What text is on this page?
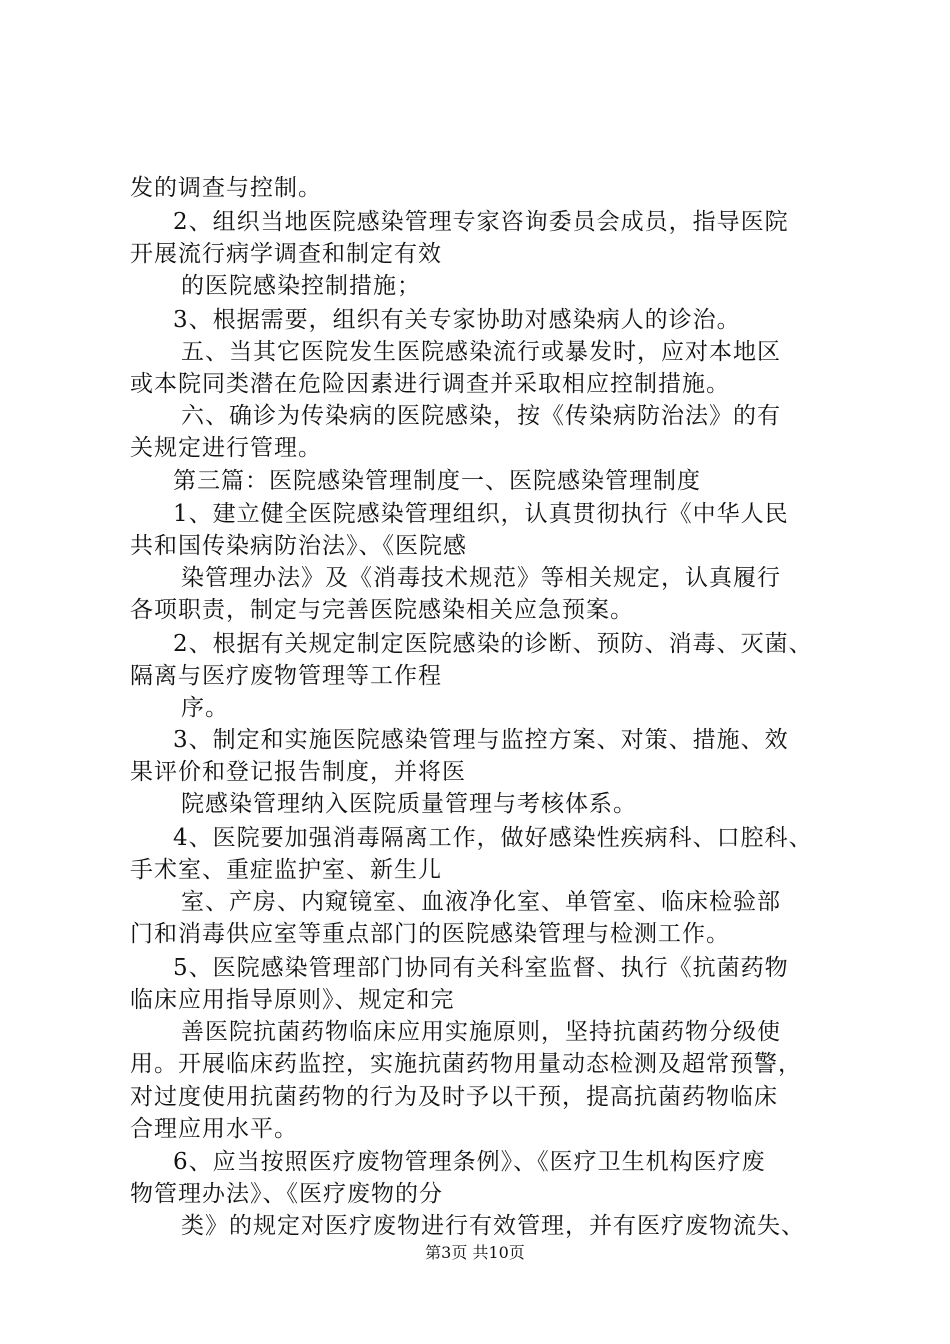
发的调查与控制。
2、组织当地医院感染管理专家咨询委员会成员，指导医院
开展流行病学调查和制定有效
的医院感染控制措施；
3、根据需要，组织有关专家协助对感染病人的诊治。
五、当其它医院发生医院感染流行或暴发时，应对本地区
或本院同类潜在危险因素进行调查并采取相应控制措施。
六、确诊为传染病的医院感染，按《传染病防治法》的有
关规定进行管理。
第三篇：医院感染管理制度一、医院感染管理制度
1、建立健全医院感染管理组织，认真贯彻执行《中华人民
共和国传染病防治法》、《医院感
染管理办法》及《消毒技术规范》等相关规定，认真履行
各项职责，制定与完善医院感染相关应急预案。
2、根据有关规定制定医院感染的诊断、预防、消毒、灭菌、
隔离与医疗废物管理等工作程
序。
3、制定和实施医院感染管理与监控方案、对策、措施、效
果评价和登记报告制度，并将医
院感染管理纳入医院质量管理与考核体系。
4、医院要加强消毒隔离工作，做好感染性疾病科、口腔科、
手术室、重症监护室、新生儿
室、产房、内窥镜室、血液净化室、单管室、临床检验部
门和消毒供应室等重点部门的医院感染管理与检测工作。
5、医院感染管理部门协同有关科室监督、执行《抗菌药物
临床应用指导原则》、规定和完
善医院抗菌药物临床应用实施原则，坚持抗菌药物分级使
用。开展临床药监控，实施抗菌药物用量动态检测及超常预警，
对过度使用抗菌药物的行为及时予以干预，提高抗菌药物临床
合理应用水平。
6、应当按照医疗废物管理条例》、《医疗卫生机构医疗废
物管理办法》、《医疗废物的分
类》的规定对医疗废物进行有效管理，并有医疗废物流失、
第3页 共10页
